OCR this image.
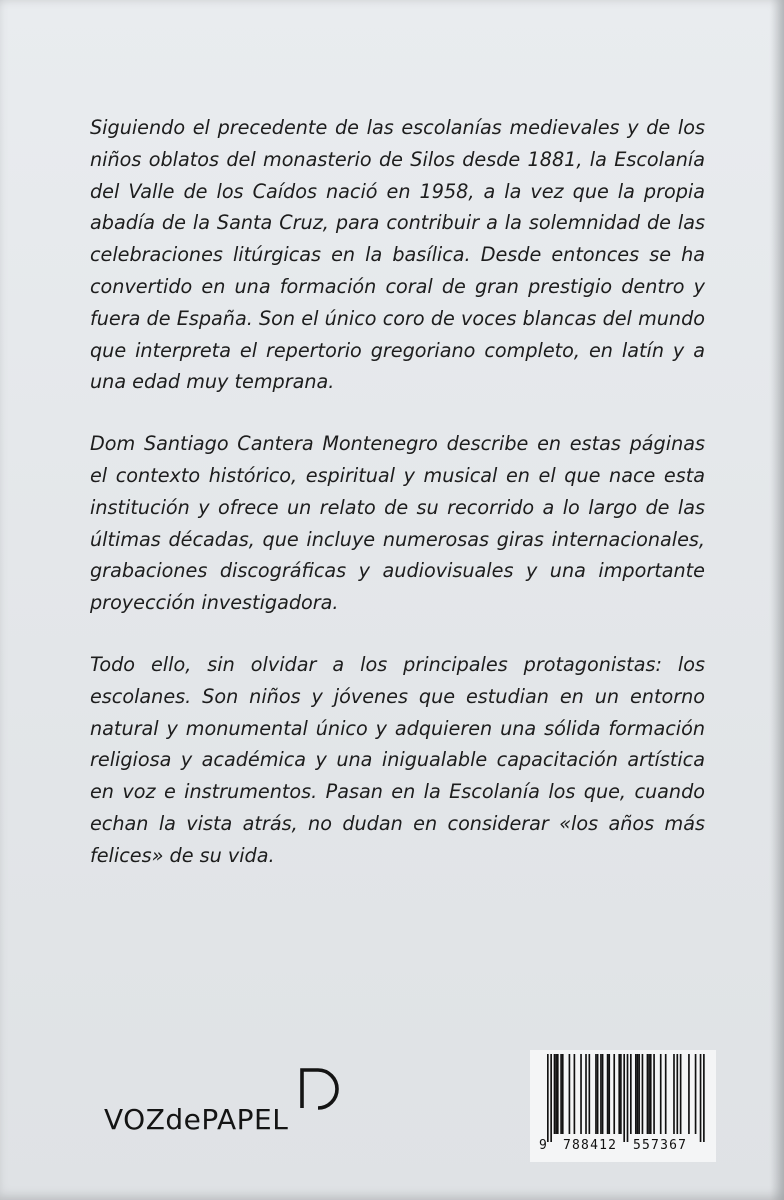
Siguiendo el precedente de las escolanías medievales y de los niños oblatos del monasterio de Silos desde 1881, la Escolanía del Valle de los Caídos nació en 1958, a la vez que la propia abadía de la Santa Cruz, para contribuir a la solemnidad de las celebraciones litúrgicas en la basílica. Desde entonces se ha convertido en una formación coral de gran prestigio dentro y fuera de España. Son el único coro de voces blancas del mundo que interpreta el repertorio gregoriano completo, en latín y a una edad muy temprana.

Dom Santiago Cantera Montenegro describe en estas páginas el contexto histórico, espiritual y musical en el que nace esta institución y ofrece un relato de su recorrido a lo largo de las últimas décadas, que incluye numerosas giras internacionales, grabaciones discográficas y audiovisuales y una importante proyección investigadora.

Todo ello, sin olvidar a los principales protagonistas: los escolanes. Son niños y jóvenes que estudian en un entorno natural y monumental único y adquieren una sólida formación religiosa y académica y una inigualable capacitación artística en voz e instrumentos. Pasan en la Escolanía los que, cuando echan la vista atrás, no dudan en considerar «los años más felices» de su vida.

VOZdePAPEL
9 788412 557367
